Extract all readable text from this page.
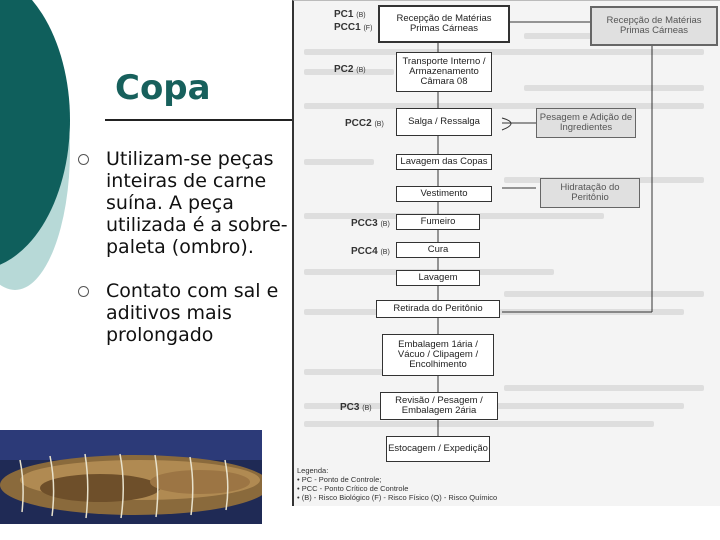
Copa
Utilizam-se peças inteiras de carne suína. A peça utilizada é a sobre-paleta (ombro).
Contato com sal e aditivos mais prolongado
Recepção de Matérias Primas Cárneas
Transporte Interno / Armazenamento Câmara 08
Salga / Ressalga
Lavagem das Copas
Vestimento
Fumeiro
Cura
Lavagem
Retirada do Peritônio
Embalagem 1ária / Vácuo / Clipagem / Encolhimento
Revisão / Pesagem / Embalagem 2ária
Estocagem / Expedição
Recepção de Matérias Primas Cárneas
Pesagem e Adição de Ingredientes
Hidratação do Peritônio
PC1 (B)
PCC1 (F)
PC2 (B)
PCC2 (B)
PCC3 (B)
PCC4 (B)
PC3 (B)
Legenda:
• PC - Ponto de Controle;
• PCC - Ponto Crítico de Controle
• (B) - Risco Biológico (F) - Risco Físico (Q) - Risco Químico
